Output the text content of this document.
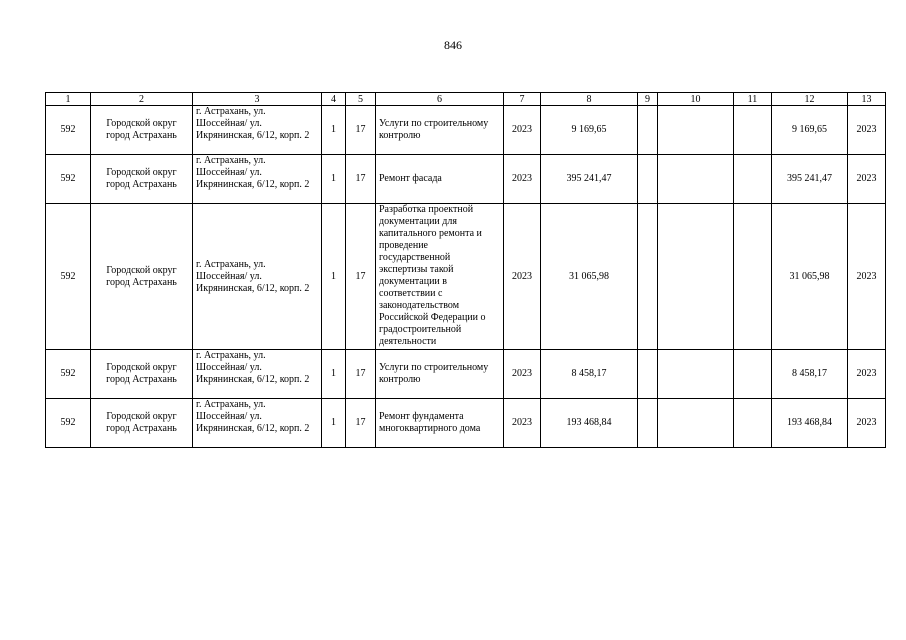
846
1	2	3	4	5	6	7	8	9	10	11	12	13
592	Городской округ город Астрахань	г. Астрахань, ул. Шоссейная/ ул. Икрянинская, 6/12, корп. 2	1	17	Услуги по строительному контролю	2023	9 169,65				9 169,65	2023
592	Городской округ город Астрахань	г. Астрахань, ул. Шоссейная/ ул. Икрянинская, 6/12, корп. 2	1	17	Ремонт фасада	2023	395 241,47				395 241,47	2023
592	Городской округ город Астрахань	г. Астрахань, ул. Шоссейная/ ул. Икрянинская, 6/12, корп. 2	1	17	Разработка проектной документации для капитального ремонта и проведение государственной экспертизы такой документации в соответствии с законодательством Российской Федерации о градостроительной деятельности	2023	31 065,98				31 065,98	2023
592	Городской округ город Астрахань	г. Астрахань, ул. Шоссейная/ ул. Икрянинская, 6/12, корп. 2	1	17	Услуги по строительному контролю	2023	8 458,17				8 458,17	2023
592	Городской округ город Астрахань	г. Астрахань, ул. Шоссейная/ ул. Икрянинская, 6/12, корп. 2	1	17	Ремонт фундамента многоквартирного дома	2023	193 468,84				193 468,84	2023
